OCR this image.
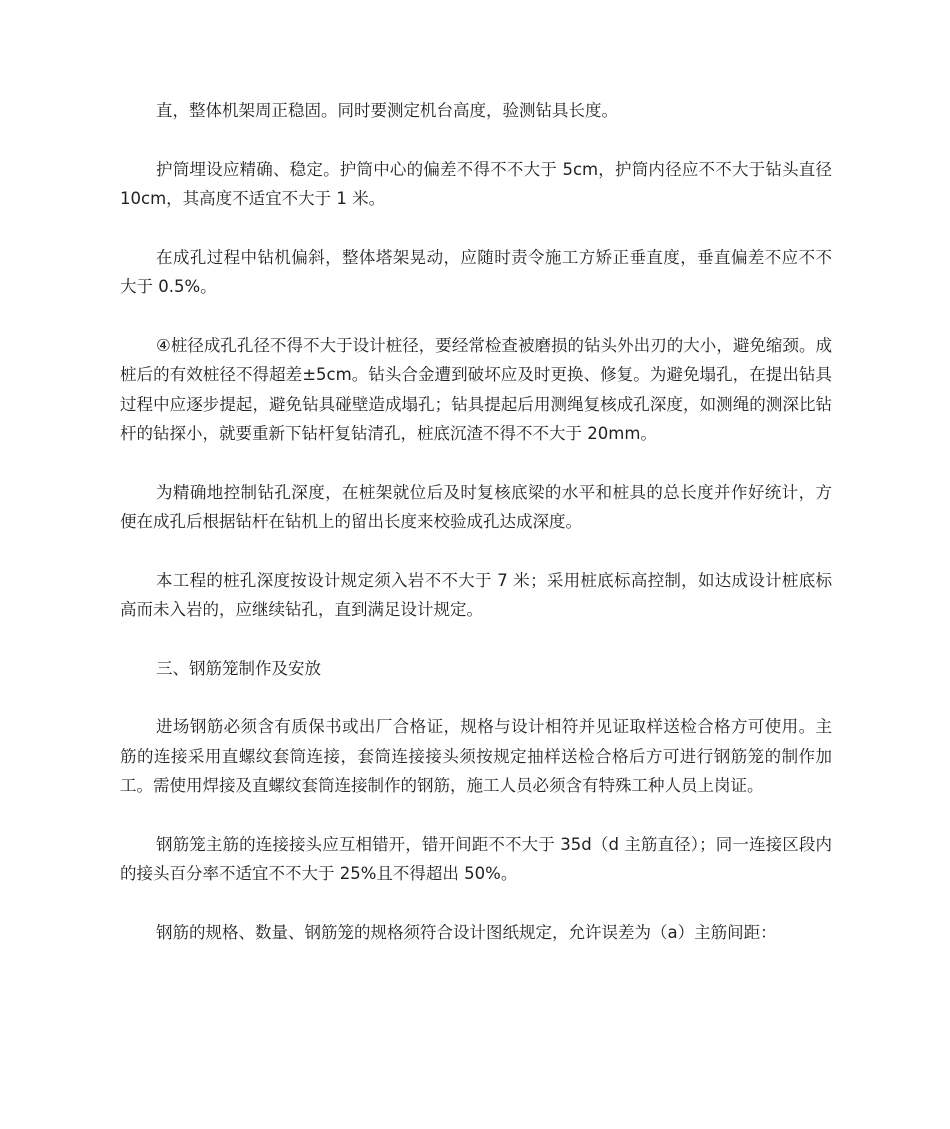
直，整体机架周正稳固。同时要测定机台高度，验测钻具长度。

护筒埋设应精确、稳定。护筒中心的偏差不得不不大于 5cm，护筒内径应不不大于钻头直径 10cm，其高度不适宜不大于 1 米。

在成孔过程中钻机偏斜，整体塔架晃动，应随时责令施工方矫正垂直度，垂直偏差不应不不大于 0.5%。

④桩径成孔孔径不得不大于设计桩径，要经常检查被磨损的钻头外出刃的大小，避免缩颈。成桩后的有效桩径不得超差±5cm。钻头合金遭到破坏应及时更换、修复。为避免塌孔，在提出钻具过程中应逐步提起，避免钻具碰壁造成塌孔；钻具提起后用测绳复核成孔深度，如测绳的测深比钻杆的钻探小，就要重新下钻杆复钻清孔，桩底沉渣不得不不大于 20mm。

为精确地控制钻孔深度，在桩架就位后及时复核底梁的水平和桩具的总长度并作好统计，方便在成孔后根据钻杆在钻机上的留出长度来校验成孔达成深度。

本工程的桩孔深度按设计规定须入岩不不大于 7 米；采用桩底标高控制，如达成设计桩底标高而未入岩的，应继续钻孔，直到满足设计规定。

三、钢筋笼制作及安放

进场钢筋必须含有质保书或出厂合格证，规格与设计相符并见证取样送检合格方可使用。主筋的连接采用直螺纹套筒连接，套筒连接接头须按规定抽样送检合格后方可进行钢筋笼的制作加工。需使用焊接及直螺纹套筒连接制作的钢筋，施工人员必须含有特殊工种人员上岗证。

钢筋笼主筋的连接接头应互相错开，错开间距不不大于 35d（d 主筋直径）；同一连接区段内的接头百分率不适宜不不大于 25%且不得超出 50%。

钢筋的规格、数量、钢筋笼的规格须符合设计图纸规定，允许误差为（a）主筋间距：
